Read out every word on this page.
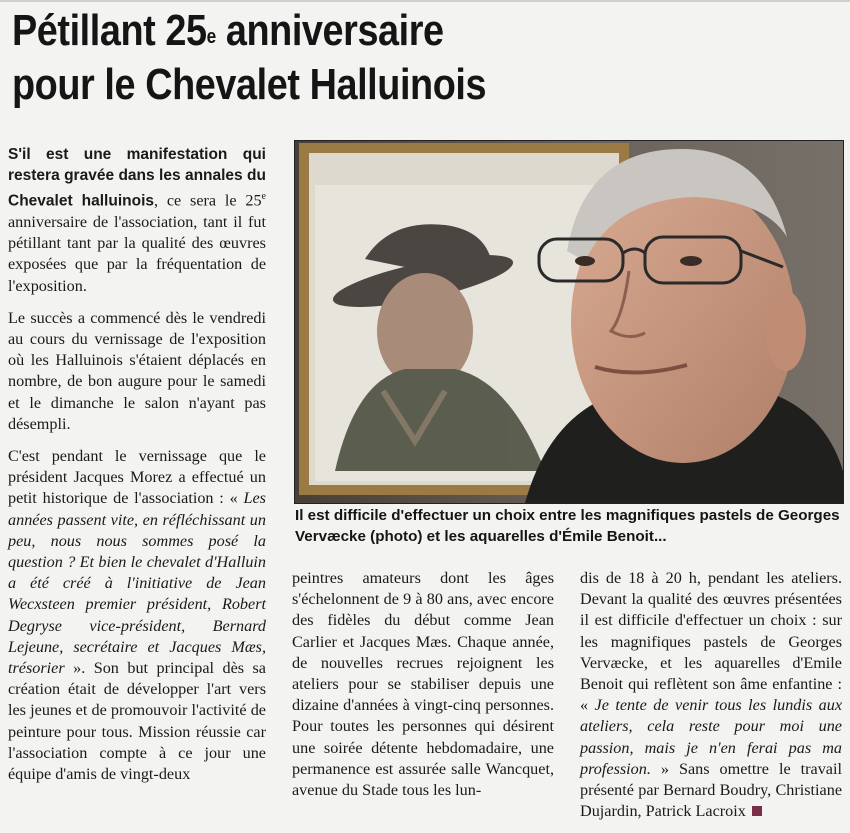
Pétillant 25e anniversaire
pour le Chevalet Halluinois

S'il est une manifestation qui restera gravée dans les annales du Chevalet halluinois, ce sera le 25e anniversaire de l'association, tant il fut pétillant tant par la qualité des œuvres exposées que par la fréquentation de l'exposition.

Le succès a commencé dès le vendredi au cours du vernissage de l'exposition où les Halluinois s'étaient déplacés en nombre, de bon augure pour le samedi et le dimanche le salon n'ayant pas désempli.

C'est pendant le vernissage que le président Jacques Morez a effectué un petit historique de l'association : « Les années passent vite, en réfléchissant un peu, nous nous sommes posé la question ? Et bien le chevalet d'Halluin a été créé à l'initiative de Jean Wecxsteen premier président, Robert Degryse vice-président, Bernard Lejeune, secrétaire et Jacques Mæs, trésorier ». Son but principal dès sa création était de développer l'art vers les jeunes et de promouvoir l'activité de peinture pour tous. Mission réussie car l'association compte à ce jour une équipe d'amis de vingt-deux

Il est difficile d'effectuer un choix entre les magnifiques pastels de Georges Vervæcke (photo) et les aquarelles d'Émile Benoit...

peintres amateurs dont les âges s'échelonnent de 9 à 80 ans, avec encore des fidèles du début comme Jean Carlier et Jacques Mæs. Chaque année, de nouvelles recrues rejoignent les ateliers pour se stabiliser depuis une dizaine d'années à vingt-cinq personnes. Pour toutes les personnes qui désirent une soirée détente hebdomadaire, une permanence est assurée salle Wancquet, avenue du Stade tous les lun-

dis de 18 à 20 h, pendant les ateliers. Devant la qualité des œuvres présentées il est difficile d'effectuer un choix : sur les magnifiques pastels de Georges Vervæcke, et les aquarelles d'Emile Benoit qui reflètent son âme enfantine : « Je tente de venir tous les lundis aux ateliers, cela reste pour moi une passion, mais je n'en ferai pas ma profession. » Sans omettre le travail présenté par Bernard Boudry, Christiane Dujardin, Patrick Lacroix
